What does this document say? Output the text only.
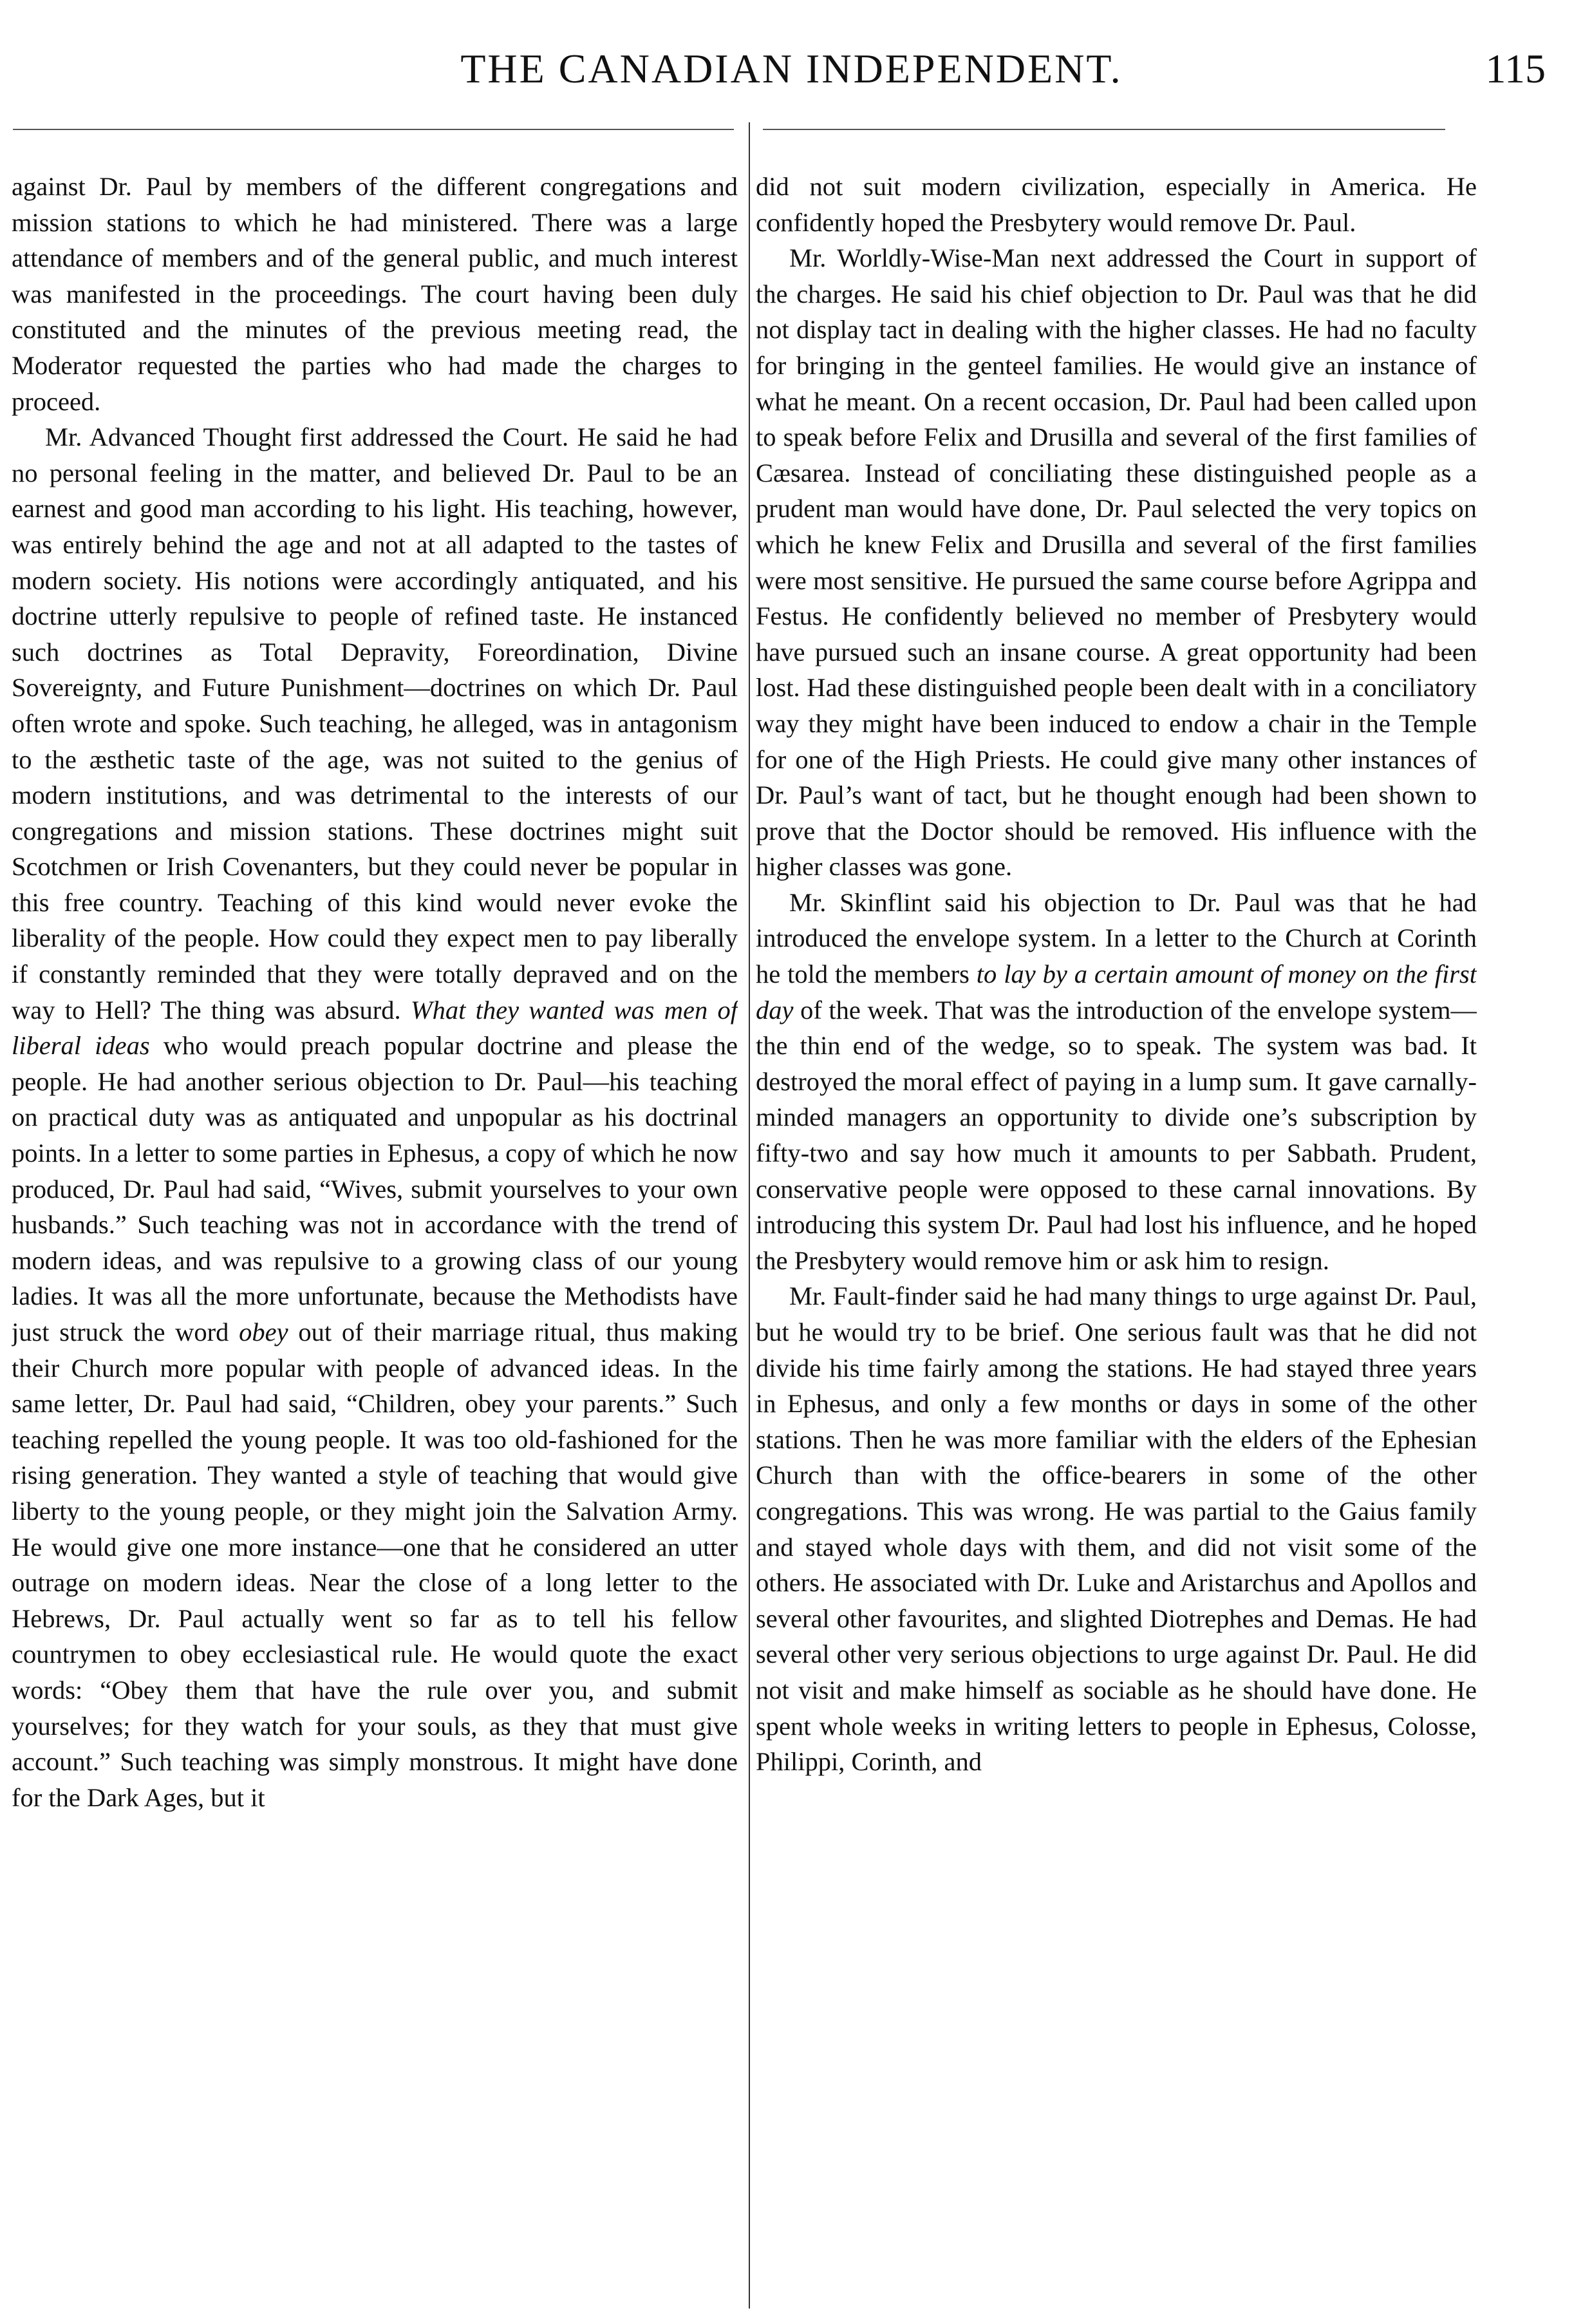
THE CANADIAN INDEPENDENT.	115

against Dr. Paul by members of the different congregations and mission stations to which he had ministered. There was a large attendance of members and of the general public, and much interest was manifested in the proceedings. The court having been duly constituted and the minutes of the previous meeting read, the Moderator requested the parties who had made the charges to proceed.

Mr. Advanced Thought first addressed the Court. He said he had no personal feeling in the matter, and believed Dr. Paul to be an earnest and good man according to his light. His teaching, however, was entirely behind the age and not at all adapted to the tastes of modern society. His notions were accordingly antiquated, and his doctrine utterly repulsive to people of refined taste. He instanced such doctrines as Total Depravity, Foreordination, Divine Sovereignty, and Future Punishment—doctrines on which Dr. Paul often wrote and spoke. Such teaching, he alleged, was in antagonism to the æsthetic taste of the age, was not suited to the genius of modern institutions, and was detrimental to the interests of our congregations and mission stations. These doctrines might suit Scotchmen or Irish Covenanters, but they could never be popular in this free country. Teaching of this kind would never evoke the liberality of the people. How could they expect men to pay liberally if constantly reminded that they were totally depraved and on the way to Hell? The thing was absurd. What they wanted was men of liberal ideas who would preach popular doctrine and please the people. He had another serious objection to Dr. Paul—his teaching on practical duty was as antiquated and unpopular as his doctrinal points. In a letter to some parties in Ephesus, a copy of which he now produced, Dr. Paul had said, “Wives, submit yourselves to your own husbands.” Such teaching was not in accordance with the trend of modern ideas, and was repulsive to a growing class of our young ladies. It was all the more unfortunate, because the Methodists have just struck the word obey out of their marriage ritual, thus making their Church more popular with people of advanced ideas. In the same letter, Dr. Paul had said, “Children, obey your parents.” Such teaching repelled the young people. It was too old-fashioned for the rising generation. They wanted a style of teaching that would give liberty to the young people, or they might join the Salvation Army. He would give one more instance—one that he considered an utter outrage on modern ideas. Near the close of a long letter to the Hebrews, Dr. Paul actually went so far as to tell his fellow countrymen to obey ecclesiastical rule. He would quote the exact words: “Obey them that have the rule over you, and submit yourselves; for they watch for your souls, as they that must give account.” Such teaching was simply monstrous. It might have done for the Dark Ages, but it

did not suit modern civilization, especially in America. He confidently hoped the Presbytery would remove Dr. Paul.

Mr. Worldly-Wise-Man next addressed the Court in support of the charges. He said his chief objection to Dr. Paul was that he did not display tact in dealing with the higher classes. He had no faculty for bringing in the genteel families. He would give an instance of what he meant. On a recent occasion, Dr. Paul had been called upon to speak before Felix and Drusilla and several of the first families of Cæsarea. Instead of conciliating these distinguished people as a prudent man would have done, Dr. Paul selected the very topics on which he knew Felix and Drusilla and several of the first families were most sensitive. He pursued the same course before Agrippa and Festus. He confidently believed no member of Presbytery would have pursued such an insane course. A great opportunity had been lost. Had these distinguished people been dealt with in a conciliatory way they might have been induced to endow a chair in the Temple for one of the High Priests. He could give many other instances of Dr. Paul’s want of tact, but he thought enough had been shown to prove that the Doctor should be removed. His influence with the higher classes was gone.

Mr. Skinflint said his objection to Dr. Paul was that he had introduced the envelope system. In a letter to the Church at Corinth he told the members to lay by a certain amount of money on the first day of the week. That was the introduction of the envelope system—the thin end of the wedge, so to speak. The system was bad. It destroyed the moral effect of paying in a lump sum. It gave carnally-minded managers an opportunity to divide one’s subscription by fifty-two and say how much it amounts to per Sabbath. Prudent, conservative people were opposed to these carnal innovations. By introducing this system Dr. Paul had lost his influence, and he hoped the Presbytery would remove him or ask him to resign.

Mr. Fault-finder said he had many things to urge against Dr. Paul, but he would try to be brief. One serious fault was that he did not divide his time fairly among the stations. He had stayed three years in Ephesus, and only a few months or days in some of the other stations. Then he was more familiar with the elders of the Ephesian Church than with the office-bearers in some of the other congregations. This was wrong. He was partial to the Gaius family and stayed whole days with them, and did not visit some of the others. He associated with Dr. Luke and Aristarchus and Apollos and several other favourites, and slighted Diotrephes and Demas. He had several other very serious objections to urge against Dr. Paul. He did not visit and make himself as sociable as he should have done. He spent whole weeks in writing letters to people in Ephesus, Colosse, Philippi, Corinth, and
